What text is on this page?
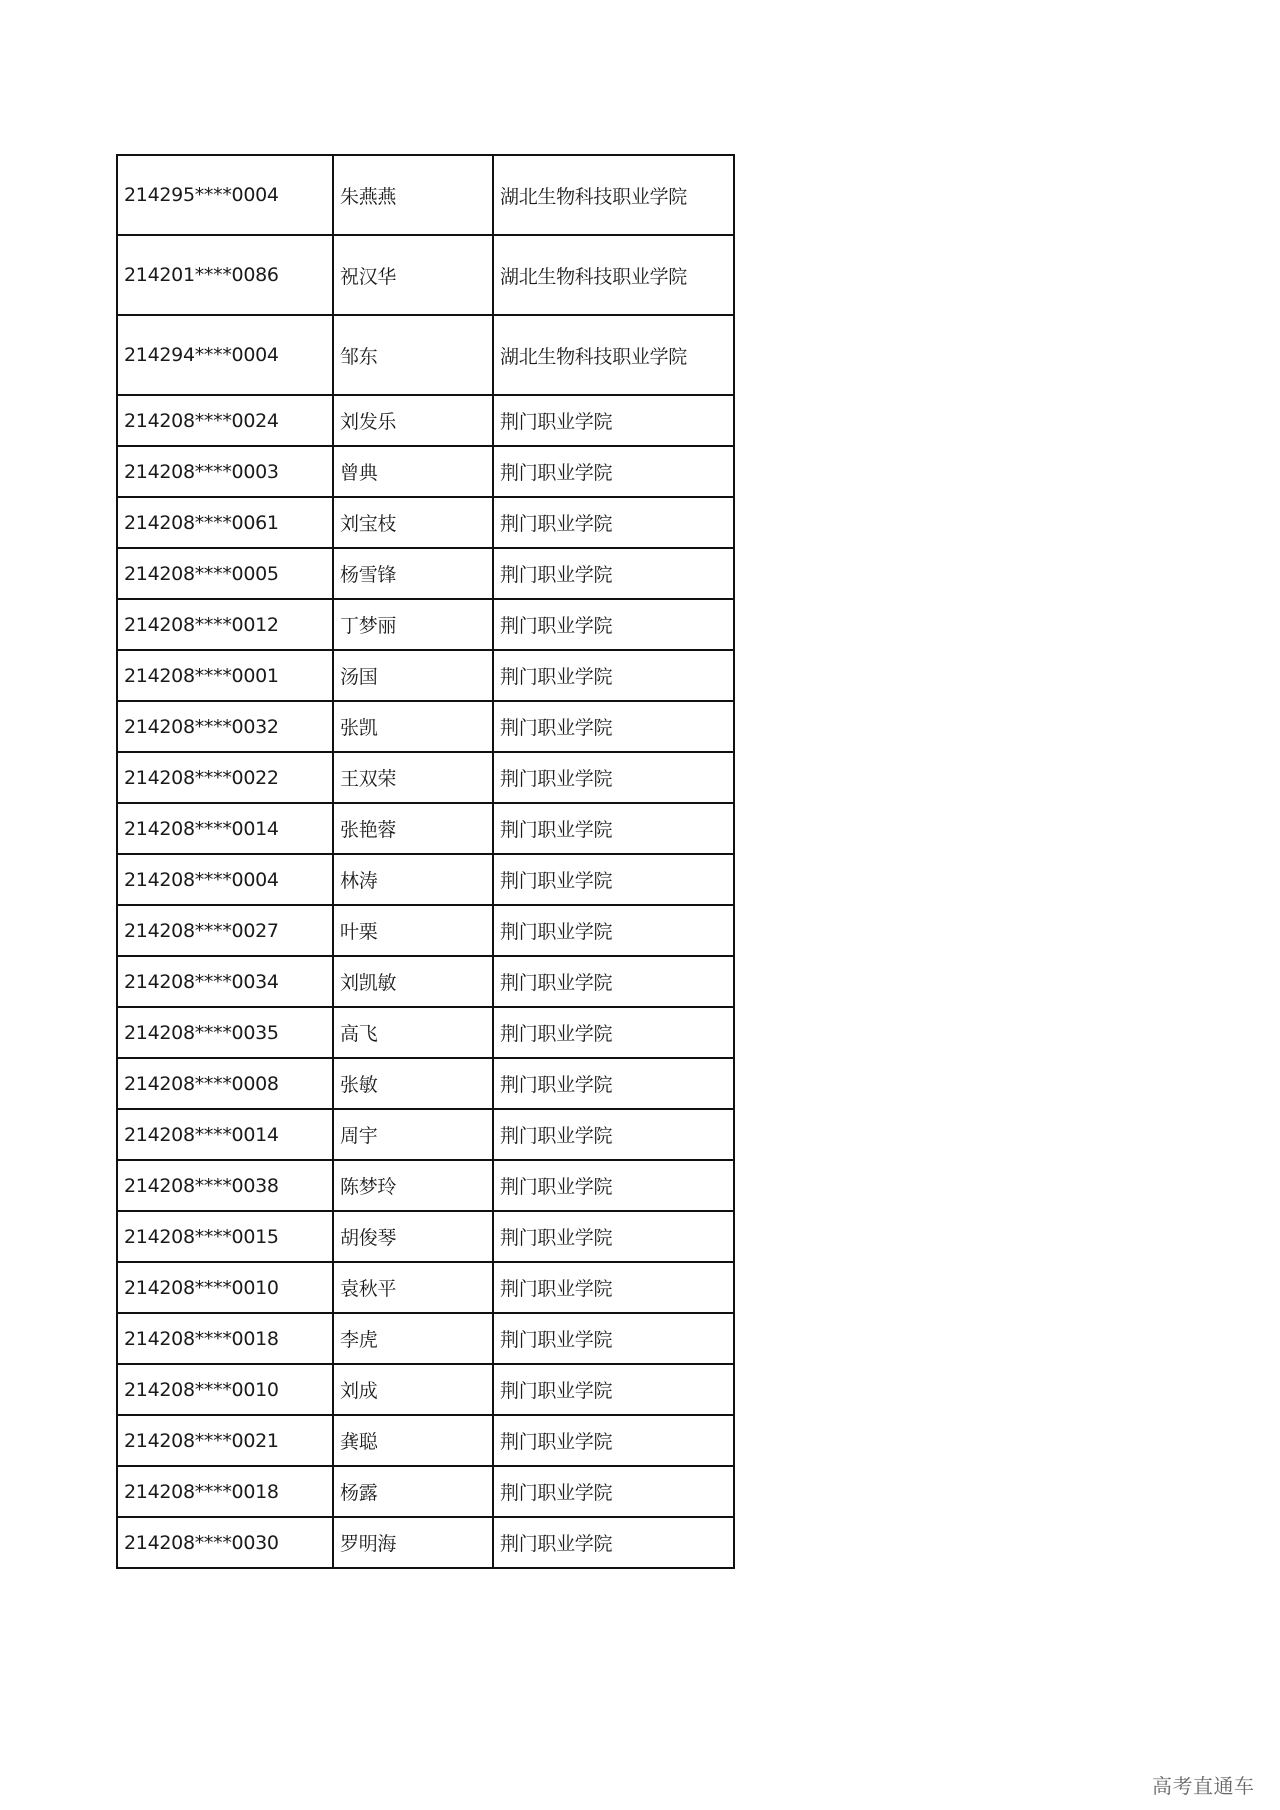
214295****0004	朱燕燕	湖北生物科技职业学院
214201****0086	祝汉华	湖北生物科技职业学院
214294****0004	邹东	湖北生物科技职业学院
214208****0024	刘发乐	荆门职业学院
214208****0003	曾典	荆门职业学院
214208****0061	刘宝枝	荆门职业学院
214208****0005	杨雪锋	荆门职业学院
214208****0012	丁梦丽	荆门职业学院
214208****0001	汤国	荆门职业学院
214208****0032	张凯	荆门职业学院
214208****0022	王双荣	荆门职业学院
214208****0014	张艳蓉	荆门职业学院
214208****0004	林涛	荆门职业学院
214208****0027	叶栗	荆门职业学院
214208****0034	刘凯敏	荆门职业学院
214208****0035	高飞	荆门职业学院
214208****0008	张敏	荆门职业学院
214208****0014	周宇	荆门职业学院
214208****0038	陈梦玲	荆门职业学院
214208****0015	胡俊琴	荆门职业学院
214208****0010	袁秋平	荆门职业学院
214208****0018	李虎	荆门职业学院
214208****0010	刘成	荆门职业学院
214208****0021	龚聪	荆门职业学院
214208****0018	杨露	荆门职业学院
214208****0030	罗明海	荆门职业学院
高考直通车
